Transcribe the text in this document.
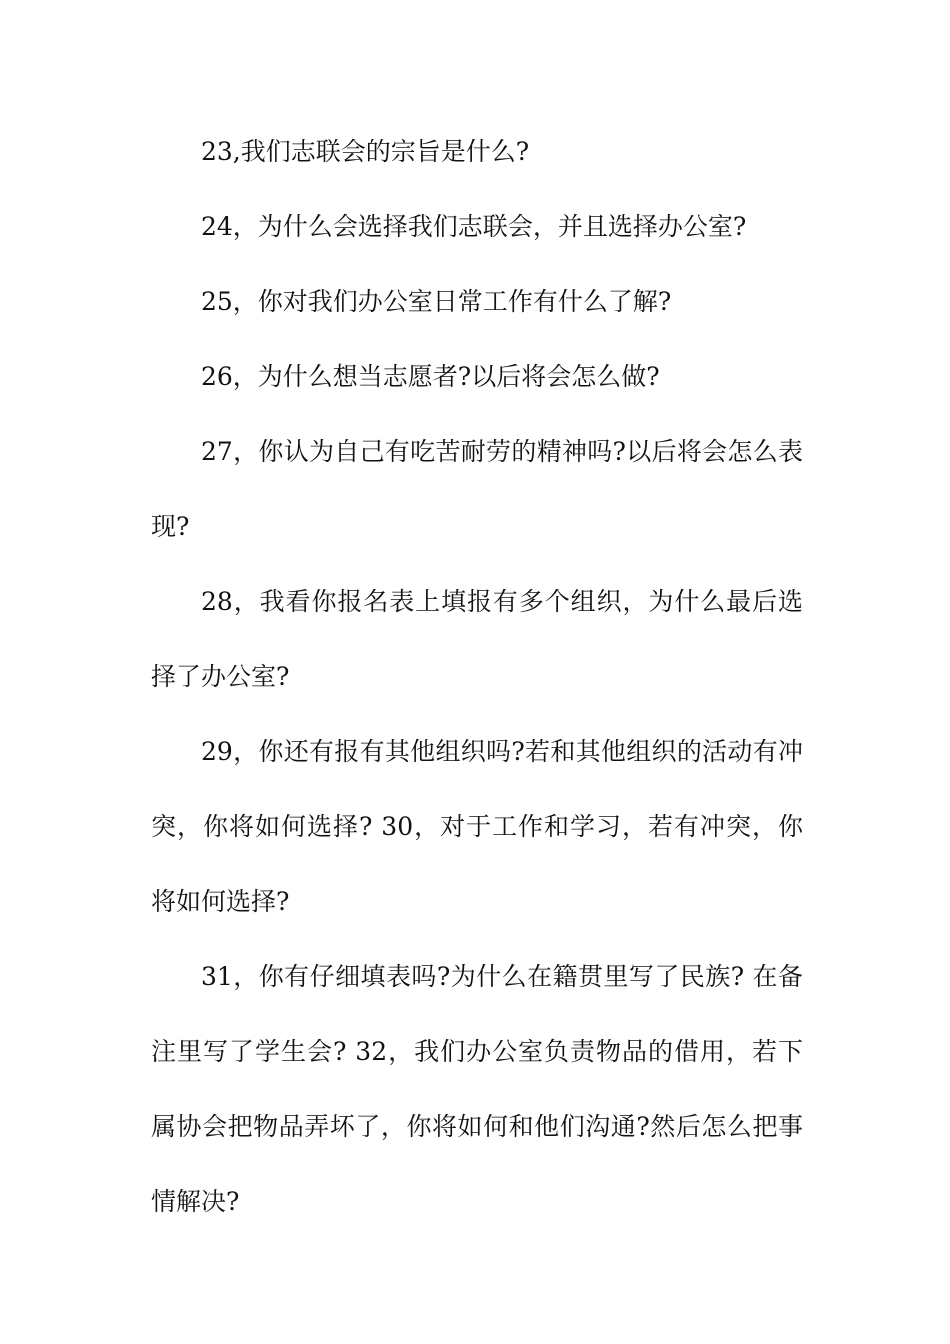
23,我们志联会的宗旨是什么?

24，为什么会选择我们志联会，并且选择办公室?

25，你对我们办公室日常工作有什么了解?

26，为什么想当志愿者?以后将会怎么做?

27，你认为自己有吃苦耐劳的精神吗?以后将会怎么表现?

28，我看你报名表上填报有多个组织，为什么最后选择了办公室?

29，你还有报有其他组织吗?若和其他组织的活动有冲突，你将如何选择? 30，对于工作和学习，若有冲突，你将如何选择?

31，你有仔细填表吗?为什么在籍贯里写了民族? 在备注里写了学生会? 32，我们办公室负责物品的借用，若下属协会把物品弄坏了，你将如何和他们沟通?然后怎么把事情解决?
